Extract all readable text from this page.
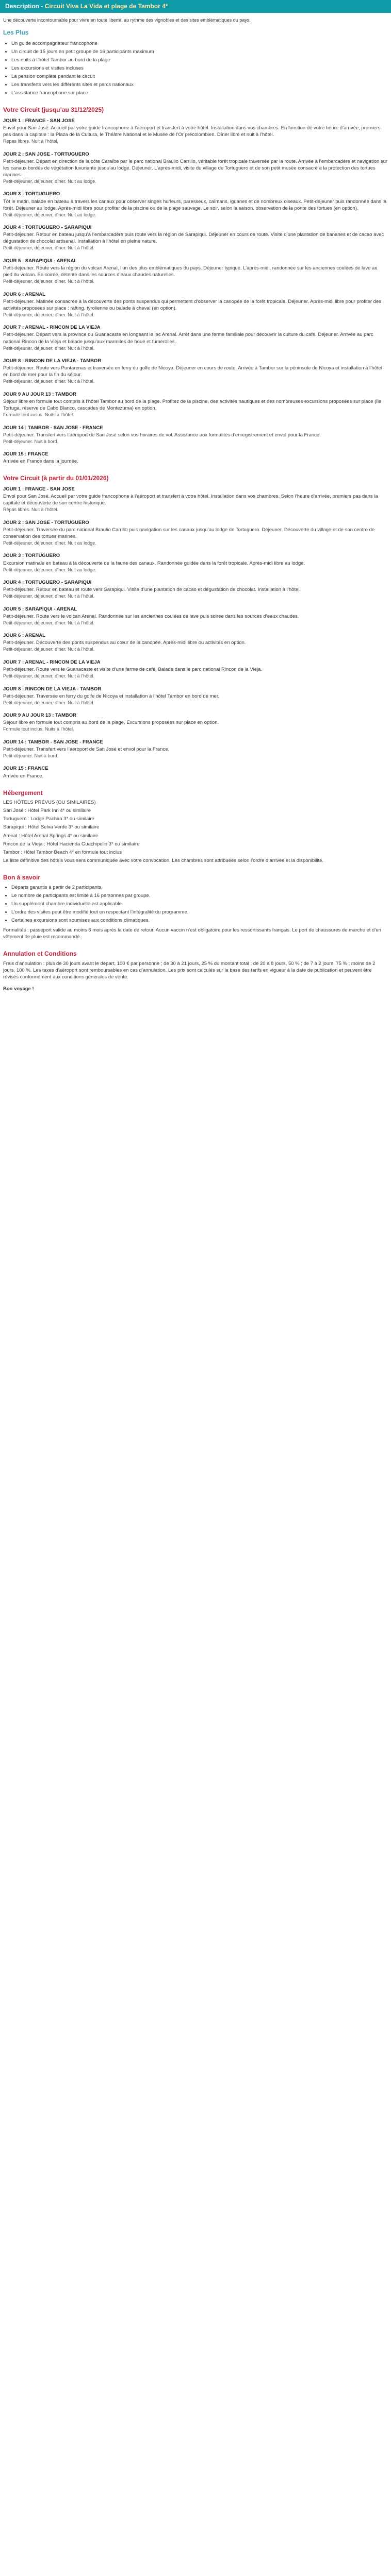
Description - Circuit Viva La Vida et plage de Tambor 4*

Une découverte incontournable pour vivre en toute liberté, au rythme des vignobles et des sites emblématiques du pays.

Les Plus
• Un guide accompagnateur francophone
• Un circuit de 15 jours en petit groupe de 16 participants maximum
• Les nuits à l’hôtel Tambor au bord de la plage
• Les excursions et visites incluses
• La pension complète pendant le circuit
• Les transferts vers les différents sites et parcs nationaux
• L’assistance francophone sur place
Votre Circuit (jusqu’au 31/12/2025)

JOUR 1 : FRANCE - SAN JOSE

Envol pour San José. Accueil par votre guide francophone à l’aéroport et transfert à votre hôtel. Installation dans vos chambres. En fonction de votre heure d’arrivée, premiers pas dans la capitale : la Plaza de la Cultura, le Théâtre National et le Musée de l’Or précolombien. Dîner libre et nuit à l’hôtel.

Repas libres. Nuit à l’hôtel.

JOUR 2 : SAN JOSE - TORTUGUERO

Petit-déjeuner. Départ en direction de la côte Caraïbe par le parc national Braulio Carrillo, véritable forêt tropicale traversée par la route. Arrivée à l’embarcadère et navigation sur les canaux bordés de végétation luxuriante jusqu’au lodge. Déjeuner. L’après-midi, visite du village de Tortuguero et de son petit musée consacré à la protection des tortues marines.

Petit-déjeuner, déjeuner, dîner. Nuit au lodge.

JOUR 3 : TORTUGUERO

Tôt le matin, balade en bateau à travers les canaux pour observer singes hurleurs, paresseux, caïmans, iguanes et de nombreux oiseaux. Petit-déjeuner puis randonnée dans la forêt. Déjeuner au lodge. Après-midi libre pour profiter de la piscine ou de la plage sauvage. Le soir, selon la saison, observation de la ponte des tortues (en option).

Petit-déjeuner, déjeuner, dîner. Nuit au lodge.

JOUR 4 : TORTUGUERO - SARAPIQUI

Petit-déjeuner. Retour en bateau jusqu’à l’embarcadère puis route vers la région de Sarapiqui. Déjeuner en cours de route. Visite d’une plantation de bananes et de cacao avec dégustation de chocolat artisanal. Installation à l’hôtel en pleine nature.

Petit-déjeuner, déjeuner, dîner. Nuit à l’hôtel.

JOUR 5 : SARAPIQUI - ARENAL

Petit-déjeuner. Route vers la région du volcan Arenal, l’un des plus emblématiques du pays. Déjeuner typique. L’après-midi, randonnée sur les anciennes coulées de lave au pied du volcan. En soirée, détente dans les sources d’eaux chaudes naturelles.

Petit-déjeuner, déjeuner, dîner. Nuit à l’hôtel.

JOUR 6 : ARENAL

Petit-déjeuner. Matinée consacrée à la découverte des ponts suspendus qui permettent d’observer la canopée de la forêt tropicale. Déjeuner. Après-midi libre pour profiter des activités proposées sur place : rafting, tyrolienne ou balade à cheval (en option).

Petit-déjeuner, déjeuner, dîner. Nuit à l’hôtel.

JOUR 7 : ARENAL - RINCON DE LA VIEJA

Petit-déjeuner. Départ vers la province du Guanacaste en longeant le lac Arenal. Arrêt dans une ferme familiale pour découvrir la culture du café. Déjeuner. Arrivée au parc national Rincon de la Vieja et balade jusqu’aux marmites de boue et fumerolles.

Petit-déjeuner, déjeuner, dîner. Nuit à l’hôtel.

JOUR 8 : RINCON DE LA VIEJA - TAMBOR

Petit-déjeuner. Route vers Puntarenas et traversée en ferry du golfe de Nicoya. Déjeuner en cours de route. Arrivée à Tambor sur la péninsule de Nicoya et installation à l’hôtel en bord de mer pour la fin du séjour.

Petit-déjeuner, déjeuner, dîner. Nuit à l’hôtel.

JOUR 9 AU JOUR 13 : TAMBOR

Séjour libre en formule tout compris à l’hôtel Tambor au bord de la plage. Profitez de la piscine, des activités nautiques et des nombreuses excursions proposées sur place (île Tortuga, réserve de Cabo Blanco, cascades de Montezuma) en option.

Formule tout inclus. Nuits à l’hôtel.

JOUR 14 : TAMBOR - SAN JOSE - FRANCE

Petit-déjeuner. Transfert vers l’aéroport de San José selon vos horaires de vol. Assistance aux formalités d’enregistrement et envol pour la France.

Petit-déjeuner. Nuit à bord.

JOUR 15 : FRANCE

Arrivée en France dans la journée.

Votre Circuit (à partir du 01/01/2026)

JOUR 1 : FRANCE - SAN JOSE

Envol pour San José. Accueil par votre guide francophone à l’aéroport et transfert à votre hôtel. Installation dans vos chambres. Selon l’heure d’arrivée, premiers pas dans la capitale et découverte de son centre historique.

Repas libres. Nuit à l’hôtel.

JOUR 2 : SAN JOSE - TORTUGUERO

Petit-déjeuner. Traversée du parc national Braulio Carrillo puis navigation sur les canaux jusqu’au lodge de Tortuguero. Déjeuner. Découverte du village et de son centre de conservation des tortues marines.

Petit-déjeuner, déjeuner, dîner. Nuit au lodge.

JOUR 3 : TORTUGUERO

Excursion matinale en bateau à la découverte de la faune des canaux. Randonnée guidée dans la forêt tropicale. Après-midi libre au lodge.

Petit-déjeuner, déjeuner, dîner. Nuit au lodge.

JOUR 4 : TORTUGUERO - SARAPIQUI

Petit-déjeuner. Retour en bateau et route vers Sarapiqui. Visite d’une plantation de cacao et dégustation de chocolat. Installation à l’hôtel.

Petit-déjeuner, déjeuner, dîner. Nuit à l’hôtel.

JOUR 5 : SARAPIQUI - ARENAL

Petit-déjeuner. Route vers le volcan Arenal. Randonnée sur les anciennes coulées de lave puis soirée dans les sources d’eaux chaudes.

Petit-déjeuner, déjeuner, dîner. Nuit à l’hôtel.

JOUR 6 : ARENAL

Petit-déjeuner. Découverte des ponts suspendus au cœur de la canopée. Après-midi libre ou activités en option.

Petit-déjeuner, déjeuner, dîner. Nuit à l’hôtel.

JOUR 7 : ARENAL - RINCON DE LA VIEJA

Petit-déjeuner. Route vers le Guanacaste et visite d’une ferme de café. Balade dans le parc national Rincon de la Vieja.

Petit-déjeuner, déjeuner, dîner. Nuit à l’hôtel.

JOUR 8 : RINCON DE LA VIEJA - TAMBOR

Petit-déjeuner. Traversée en ferry du golfe de Nicoya et installation à l’hôtel Tambor en bord de mer.

Petit-déjeuner, déjeuner, dîner. Nuit à l’hôtel.

JOUR 9 AU JOUR 13 : TAMBOR

Séjour libre en formule tout compris au bord de la plage. Excursions proposées sur place en option.

Formule tout inclus. Nuits à l’hôtel.

JOUR 14 : TAMBOR - SAN JOSE - FRANCE

Petit-déjeuner. Transfert vers l’aéroport de San José et envol pour la France.

Petit-déjeuner. Nuit à bord.

JOUR 15 : FRANCE

Arrivée en France.

Hébergement

LES HÔTELS PRÉVUS (OU SIMILAIRES)

San José : Hôtel Park Inn 4* ou similaire

Tortuguero : Lodge Pachira 3* ou similaire

Sarapiqui : Hôtel Selva Verde 3* ou similaire

Arenal : Hôtel Arenal Springs 4* ou similaire

Rincon de la Vieja : Hôtel Hacienda Guachipelin 3* ou similaire

Tambor : Hôtel Tambor Beach 4* en formule tout inclus

La liste définitive des hôtels vous sera communiquée avec votre convocation. Les chambres sont attribuées selon l’ordre d’arrivée et la disponibilité.

Bon à savoir
• Départs garantis à partir de 2 participants.
• Le nombre de participants est limité à 16 personnes par groupe.
• Un supplément chambre individuelle est applicable.
• L’ordre des visites peut être modifié tout en respectant l’intégralité du programme.
• Certaines excursions sont soumises aux conditions climatiques.

Formalités : passeport valide au moins 6 mois après la date de retour. Aucun vaccin n’est obligatoire pour les ressortissants français. Le port de chaussures de marche et d’un vêtement de pluie est recommandé.

Annulation et Conditions

Frais d’annulation : plus de 30 jours avant le départ, 100 € par personne ; de 30 à 21 jours, 25 % du montant total ; de 20 à 8 jours, 50 % ; de 7 à 2 jours, 75 % ; moins de 2 jours, 100 %. Les taxes d’aéroport sont remboursables en cas d’annulation. Les prix sont calculés sur la base des tarifs en vigueur à la date de publication et peuvent être révisés conformément aux conditions générales de vente.

Bon voyage !
